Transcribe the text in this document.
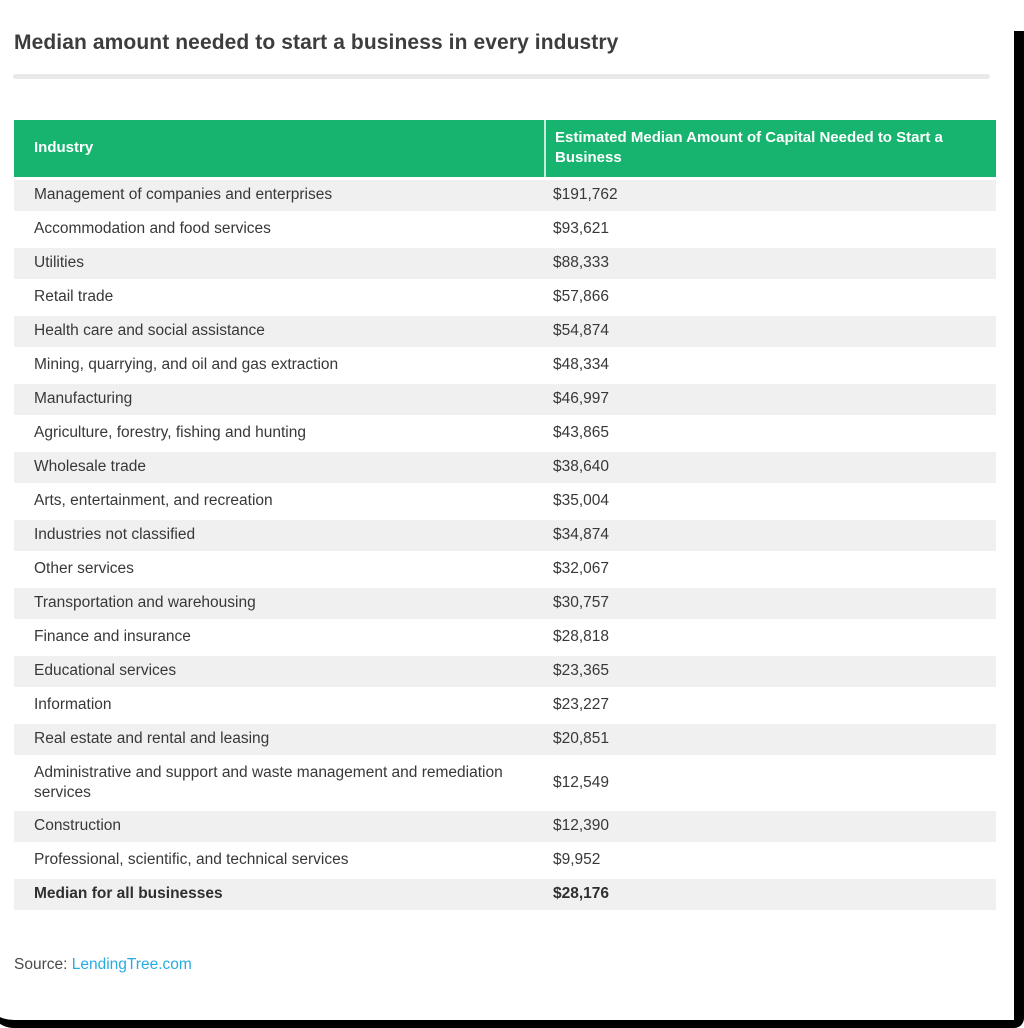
Median amount needed to start a business in every industry
Industry	Estimated Median Amount of Capital Needed to Start a Business
Management of companies and enterprises	$191,762
Accommodation and food services	$93,621
Utilities	$88,333
Retail trade	$57,866
Health care and social assistance	$54,874
Mining, quarrying, and oil and gas extraction	$48,334
Manufacturing	$46,997
Agriculture, forestry, fishing and hunting	$43,865
Wholesale trade	$38,640
Arts, entertainment, and recreation	$35,004
Industries not classified	$34,874
Other services	$32,067
Transportation and warehousing	$30,757
Finance and insurance	$28,818
Educational services	$23,365
Information	$23,227
Real estate and rental and leasing	$20,851
Administrative and support and waste management and remediation services	$12,549
Construction	$12,390
Professional, scientific, and technical services	$9,952
Median for all businesses	$28,176

Source: LendingTree.com
